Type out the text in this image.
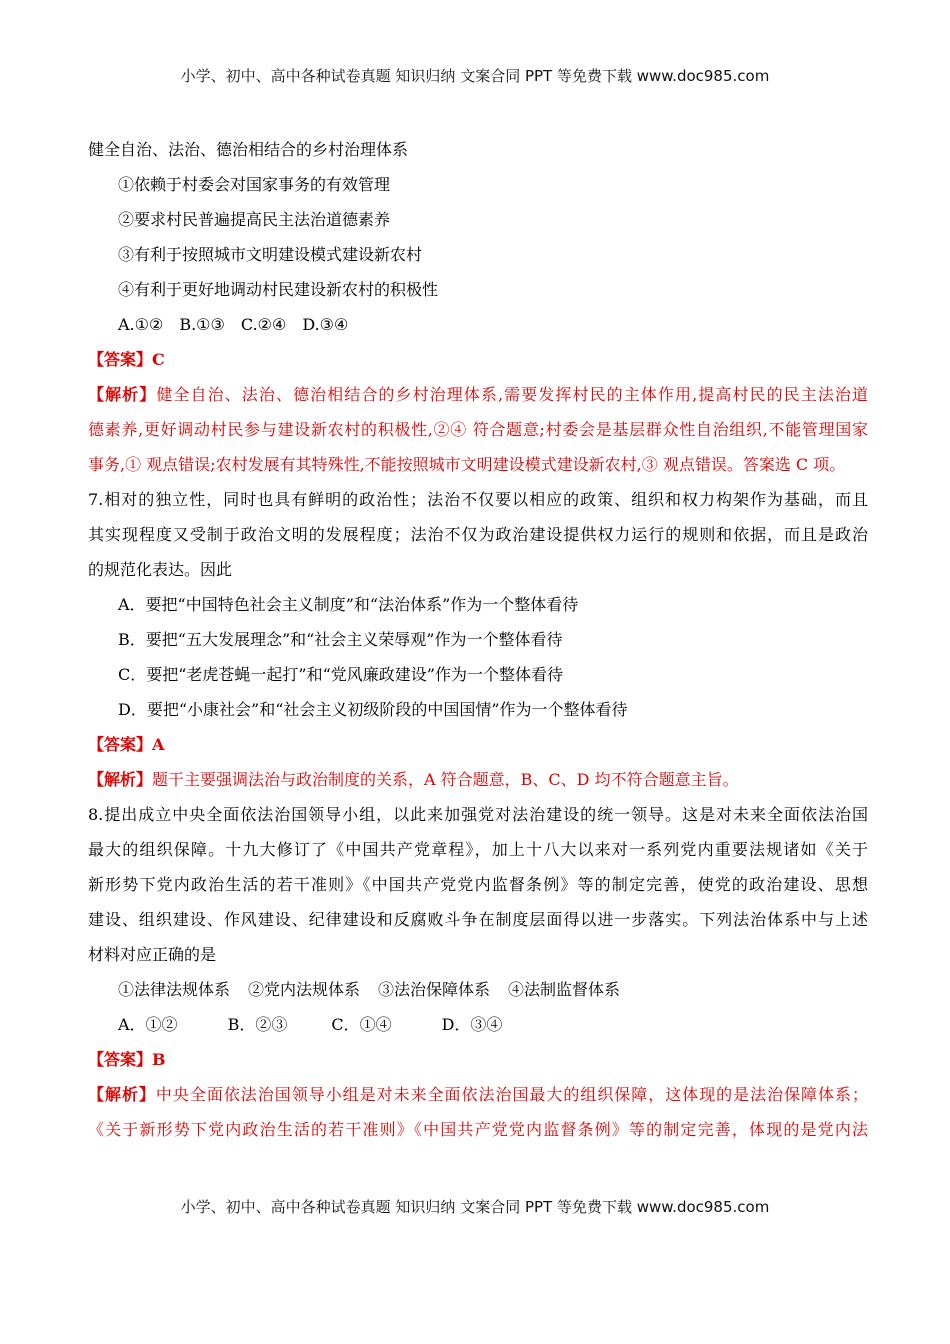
小学、初中、高中各种试卷真题 知识归纳 文案合同 PPT 等免费下载 www.doc985.com
健全自治、法治、德治相结合的乡村治理体系
①依赖于村委会对国家事务的有效管理
②要求村民普遍提高民主法治道德素养
③有利于按照城市文明建设模式建设新农村
④有利于更好地调动村民建设新农村的积极性
A.①② B.①③ C.②④ D.③④
【答案】C
【解析】健全自治、法治、德治相结合的乡村治理体系,需要发挥村民的主体作用,提高村民的民主法治道
德素养,更好调动村民参与建设新农村的积极性,②④ 符合题意;村委会是基层群众性自治组织,不能管理国家
事务,① 观点错误;农村发展有其特殊性,不能按照城市文明建设模式建设新农村,③ 观点错误。答案选 C 项。
7.相对的独立性，同时也具有鲜明的政治性；法治不仅要以相应的政策、组织和权力构架作为基础，而且
其实现程度又受制于政治文明的发展程度；法治不仅为政治建设提供权力运行的规则和依据，而且是政治
的规范化表达。因此
A．要把“中国特色社会主义制度”和“法治体系”作为一个整体看待
B．要把“五大发展理念”和“社会主义荣辱观”作为一个整体看待
C．要把“老虎苍蝇一起打”和“党风廉政建设”作为一个整体看待
D．要把“小康社会”和“社会主义初级阶段的中国国情”作为一个整体看待
【答案】A
【解析】题干主要强调法治与政治制度的关系，A 符合题意，B、C、D 均不符合题意主旨。
8.提出成立中央全面依法治国领导小组，以此来加强党对法治建设的统一领导。这是对未来全面依法治国
最大的组织保障。十九大修订了《中国共产党章程》，加上十八大以来对一系列党内重要法规诸如《关于
新形势下党内政治生活的若干准则》《中国共产党党内监督条例》等的制定完善，使党的政治建设、思想
建设、组织建设、作风建设、纪律建设和反腐败斗争在制度层面得以进一步落实。下列法治体系中与上述
材料对应正确的是
①法律法规体系 ②党内法规体系 ③法治保障体系 ④法制监督体系
A．①②	B．②③	C．①④	D．③④
【答案】B
【解析】中央全面依法治国领导小组是对未来全面依法治国最大的组织保障，这体现的是法治保障体系；
《关于新形势下党内政治生活的若干准则》《中国共产党党内监督条例》等的制定完善，体现的是党内法
小学、初中、高中各种试卷真题 知识归纳 文案合同 PPT 等免费下载 www.doc985.com
